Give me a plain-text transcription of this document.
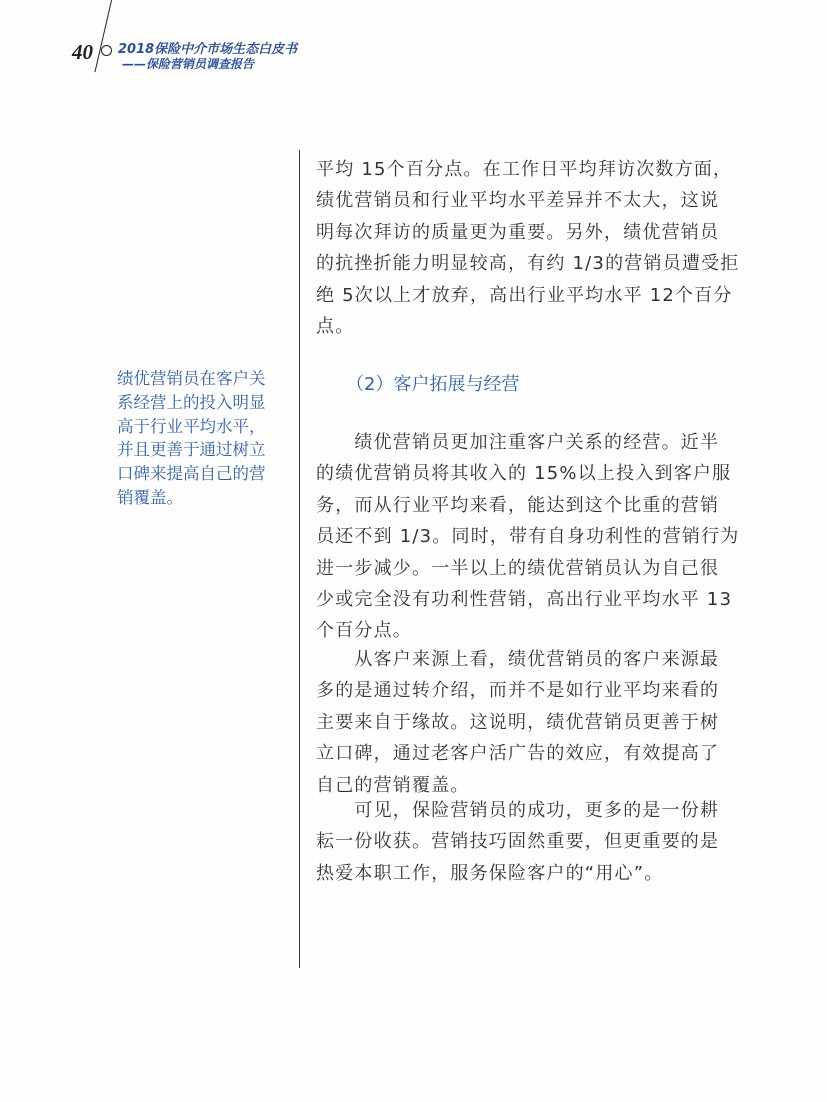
40 2018保险中介市场生态白皮书
——保险营销员调查报告
绩优营销员在客户关
系经营上的投入明显
高于行业平均水平，
并且更善于通过树立
口碑来提高自己的营
销覆盖。
（2）客户拓展与经营
平均 15个百分点。在工作日平均拜访次数方面，
绩优营销员和行业平均水平差异并不太大，这说
明每次拜访的质量更为重要。另外，绩优营销员
的抗挫折能力明显较高，有约 1/3的营销员遭受拒
绝 5次以上才放弃，高出行业平均水平 12个百分
点。
　　绩优营销员更加注重客户关系的经营。近半
的绩优营销员将其收入的 15%以上投入到客户服
务，而从行业平均来看，能达到这个比重的营销
员还不到 1/3。同时，带有自身功利性的营销行为
进一步减少。一半以上的绩优营销员认为自己很
少或完全没有功利性营销，高出行业平均水平 13
个百分点。
　　从客户来源上看，绩优营销员的客户来源最
多的是通过转介绍，而并不是如行业平均来看的
主要来自于缘故。这说明，绩优营销员更善于树
立口碑，通过老客户活广告的效应，有效提高了
自己的营销覆盖。
　　可见，保险营销员的成功，更多的是一份耕
耘一份收获。营销技巧固然重要，但更重要的是
热爱本职工作，服务保险客户的“用心”。
